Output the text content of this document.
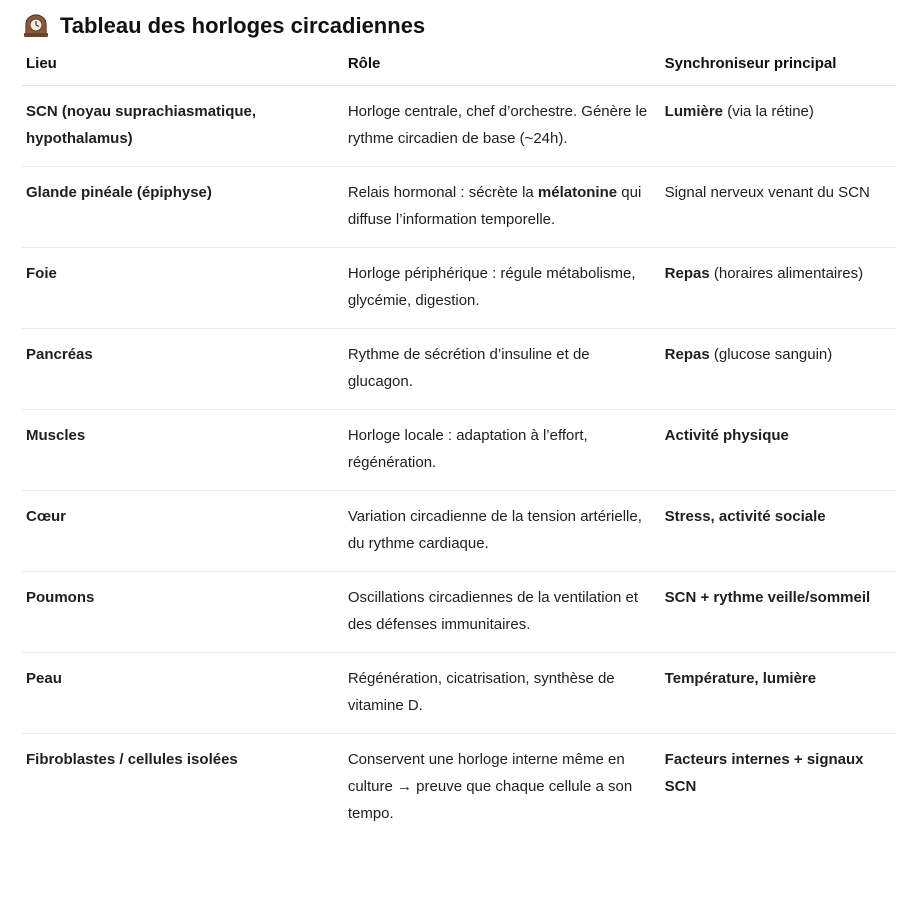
Tableau des horloges circadiennes
Lieu	Rôle	Synchroniseur principal
SCN (noyau suprachiasmatique, hypothalamus)	Horloge centrale, chef d’orchestre. Génère le rythme circadien de base (~24h).	Lumière (via la rétine)
Glande pinéale (épiphyse)	Relais hormonal : sécrète la mélatonine qui diffuse l’information temporelle.	Signal nerveux venant du SCN
Foie	Horloge périphérique : régule métabolisme, glycémie, digestion.	Repas (horaires alimentaires)
Pancréas	Rythme de sécrétion d’insuline et de glucagon.	Repas (glucose sanguin)
Muscles	Horloge locale : adaptation à l’effort, régénération.	Activité physique
Cœur	Variation circadienne de la tension artérielle, du rythme cardiaque.	Stress, activité sociale
Poumons	Oscillations circadiennes de la ventilation et des défenses immunitaires.	SCN + rythme veille/sommeil
Peau	Régénération, cicatrisation, synthèse de vitamine D.	Température, lumière
Fibroblastes / cellules isolées	Conservent une horloge interne même en culture → preuve que chaque cellule a son tempo.	Facteurs internes + signaux SCN
